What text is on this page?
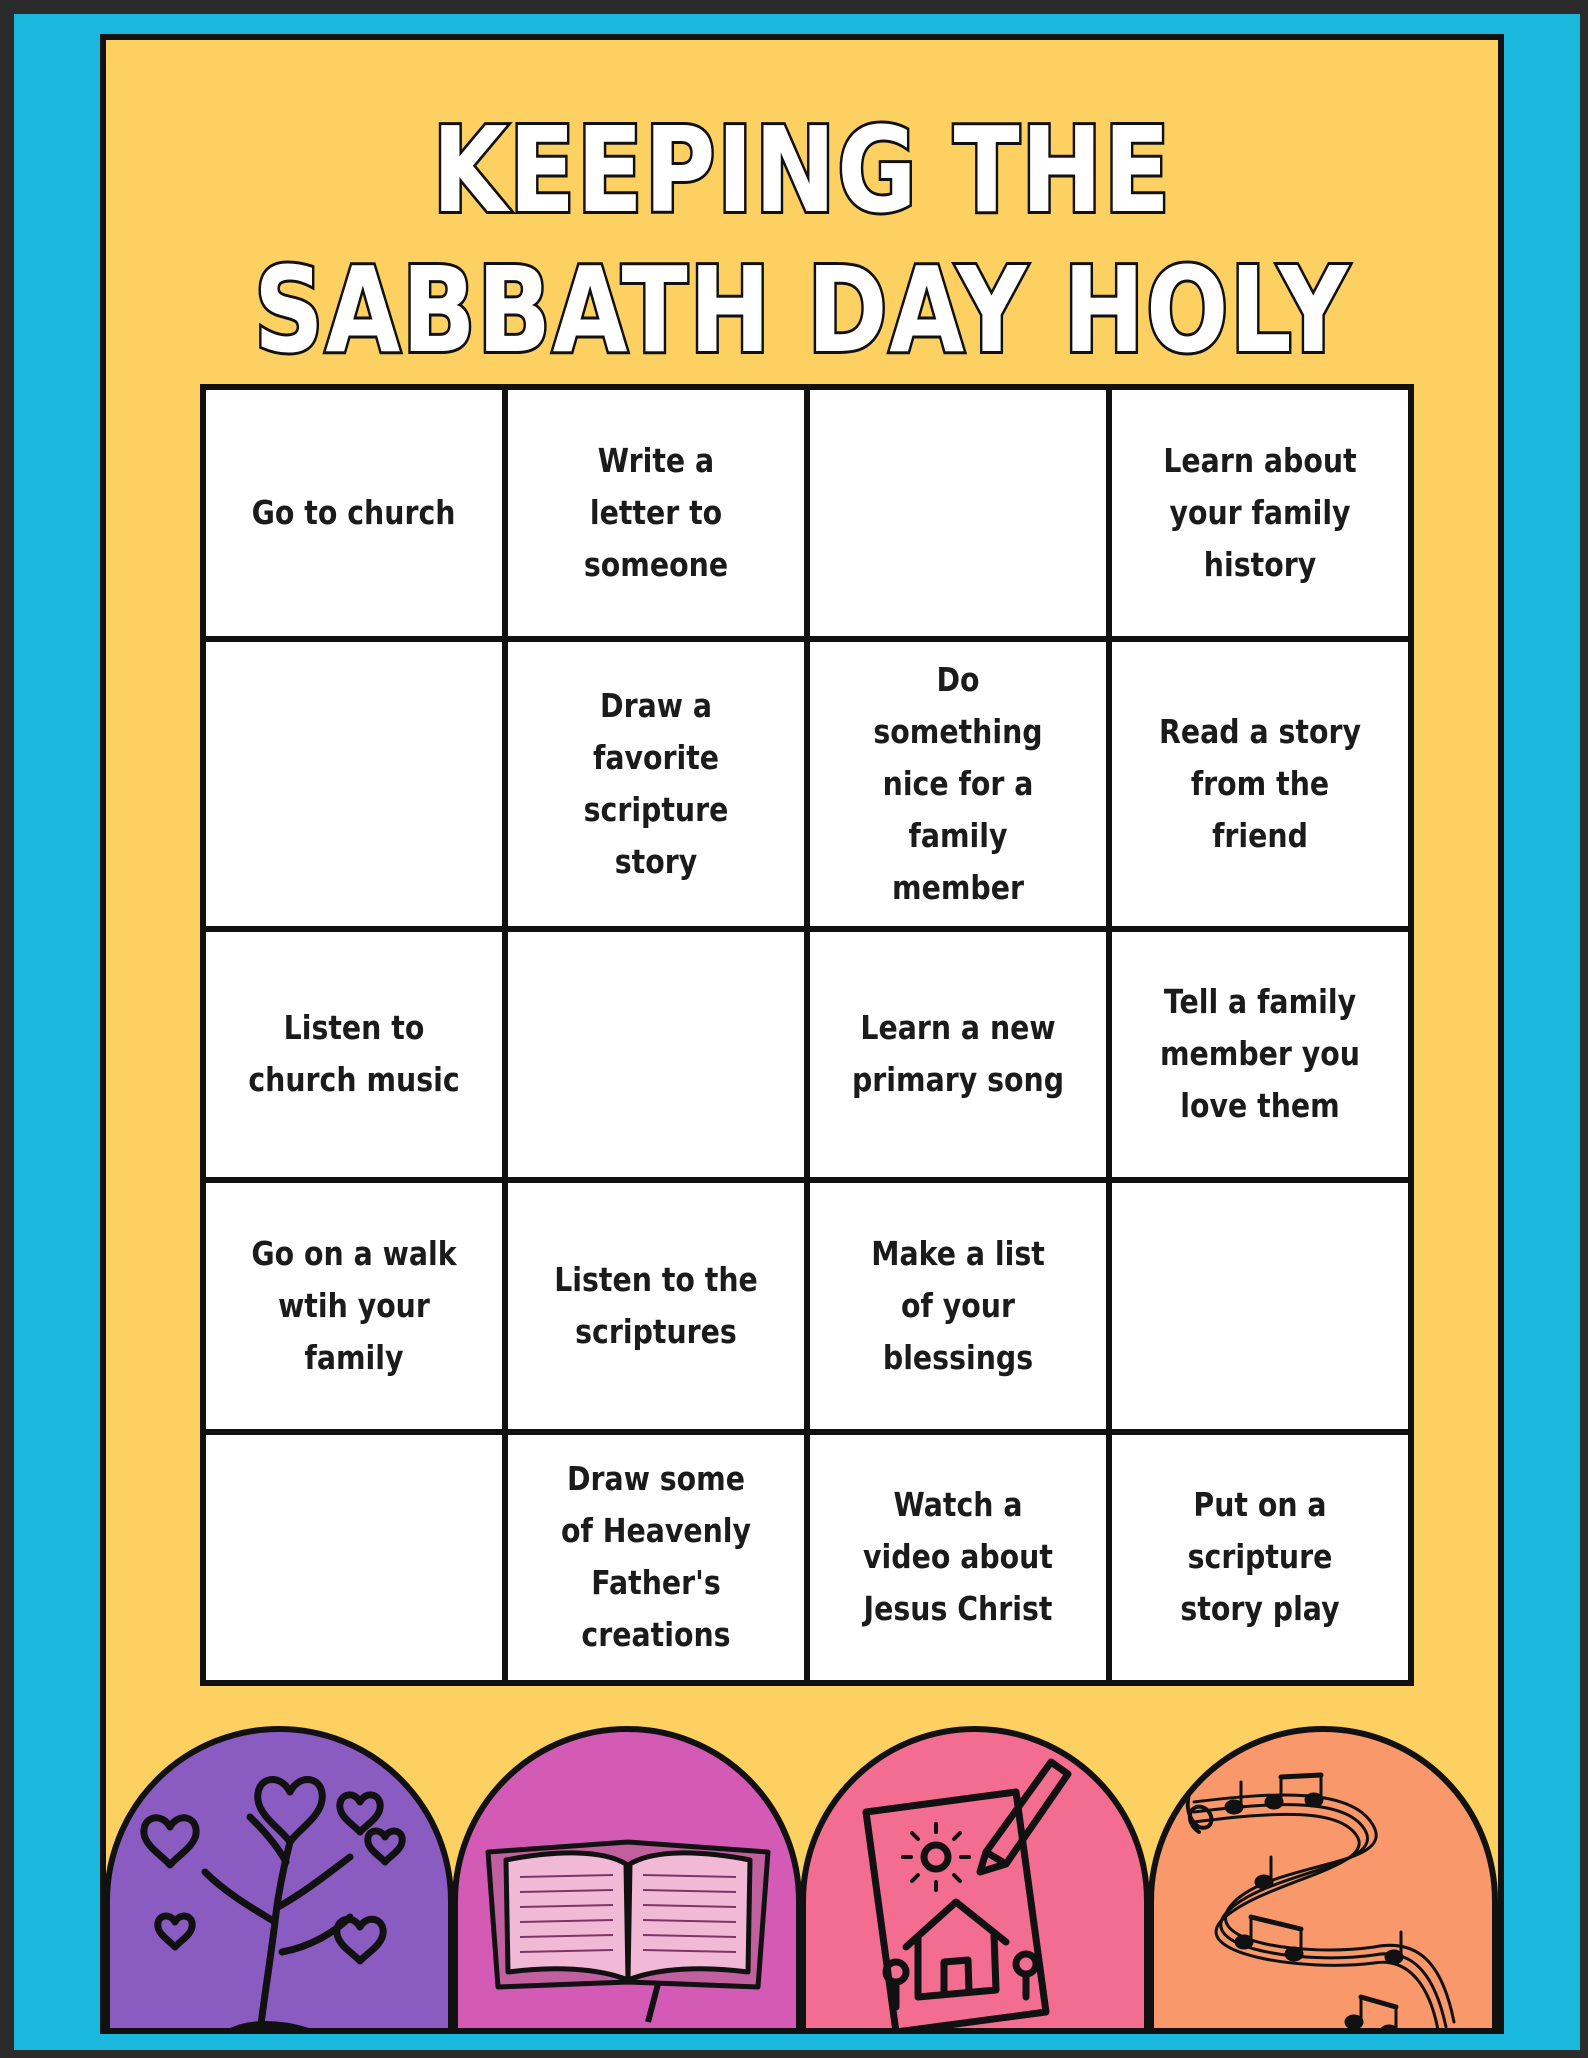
KEEPING THE
SABBATH DAY HOLY
Go to church
Write a letter to someone
Learn about your family history
Draw a favorite scripture story
Do something nice for a family member
Read a story from the friend
Listen to church music
Learn a new primary song
Tell a family member you love them
Go on a walk wtih your family
Listen to the scriptures
Make a list of your blessings
Draw some of Heavenly Father's creations
Watch a video about Jesus Christ
Put on a scripture story play
